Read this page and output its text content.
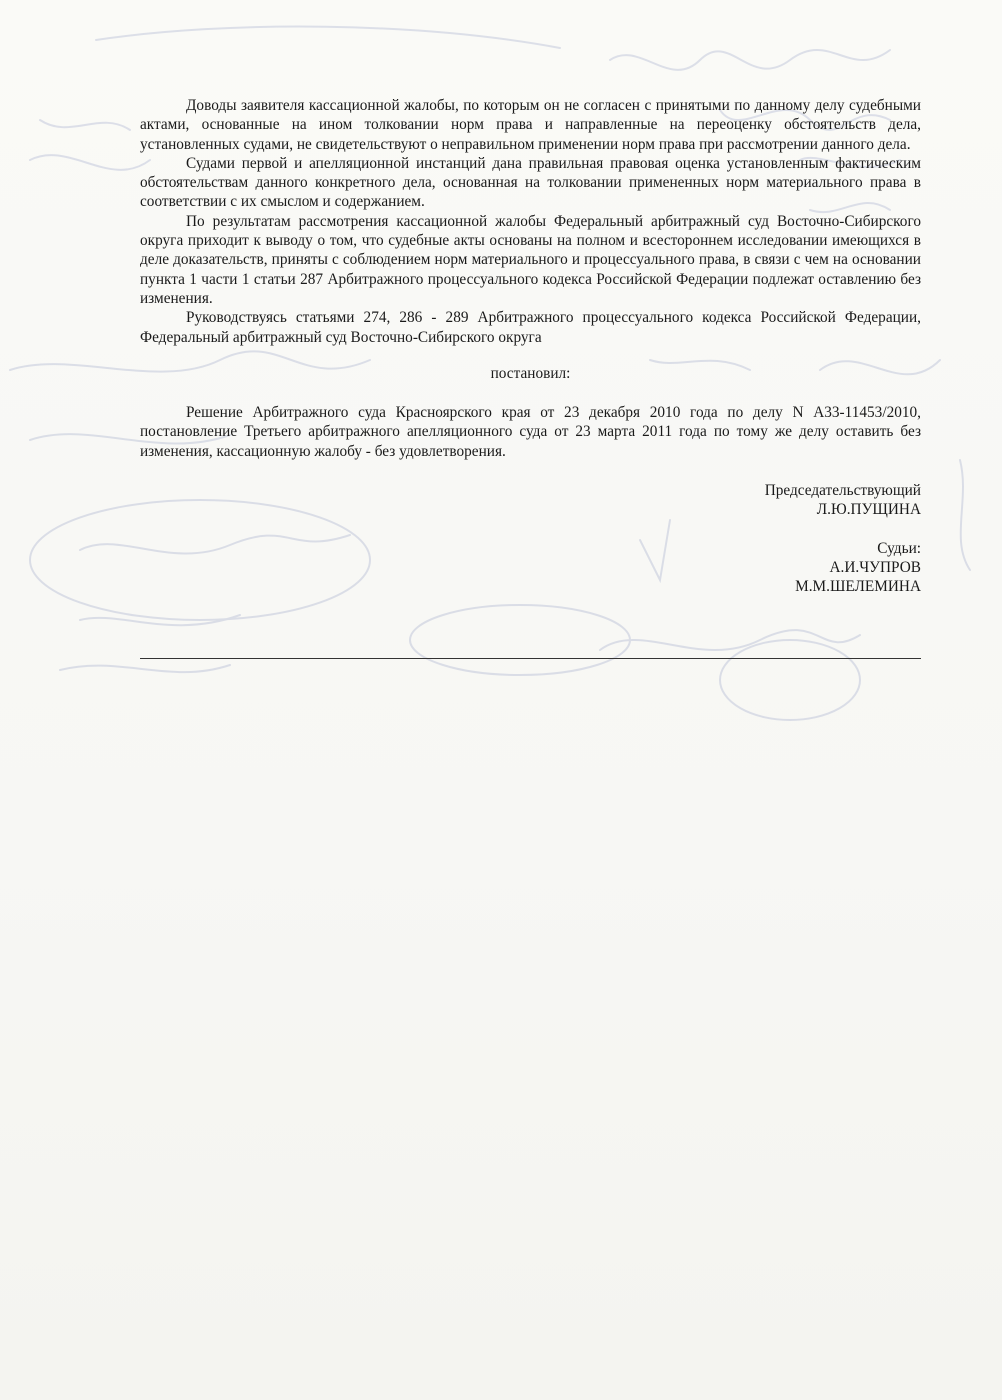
Доводы заявителя кассационной жалобы, по которым он не согласен с принятыми по данному делу судебными актами, основанные на ином толковании норм права и направленные на переоценку обстоятельств дела, установленных судами, не свидетельствуют о неправильном применении норм права при рассмотрении данного дела.

Судами первой и апелляционной инстанций дана правильная правовая оценка установленным фактическим обстоятельствам данного конкретного дела, основанная на толковании примененных норм материального права в соответствии с их смыслом и содержанием.

По результатам рассмотрения кассационной жалобы Федеральный арбитражный суд Восточно-Сибирского округа приходит к выводу о том, что судебные акты основаны на полном и всестороннем исследовании имеющихся в деле доказательств, приняты с соблюдением норм материального и процессуального права, в связи с чем на основании пункта 1 части 1 статьи 287 Арбитражного процессуального кодекса Российской Федерации подлежат оставлению без изменения.

Руководствуясь статьями 274, 286 - 289 Арбитражного процессуального кодекса Российской Федерации, Федеральный арбитражный суд Восточно-Сибирского округа

постановил:

Решение Арбитражного суда Красноярского края от 23 декабря 2010 года по делу N А33-11453/2010, постановление Третьего арбитражного апелляционного суда от 23 марта 2011 года по тому же делу оставить без изменения, кассационную жалобу - без удовлетворения.

Председательствующий
Л.Ю.ПУЩИНА
Судьи:
А.И.ЧУПРОВ
М.М.ШЕЛЕМИНА
